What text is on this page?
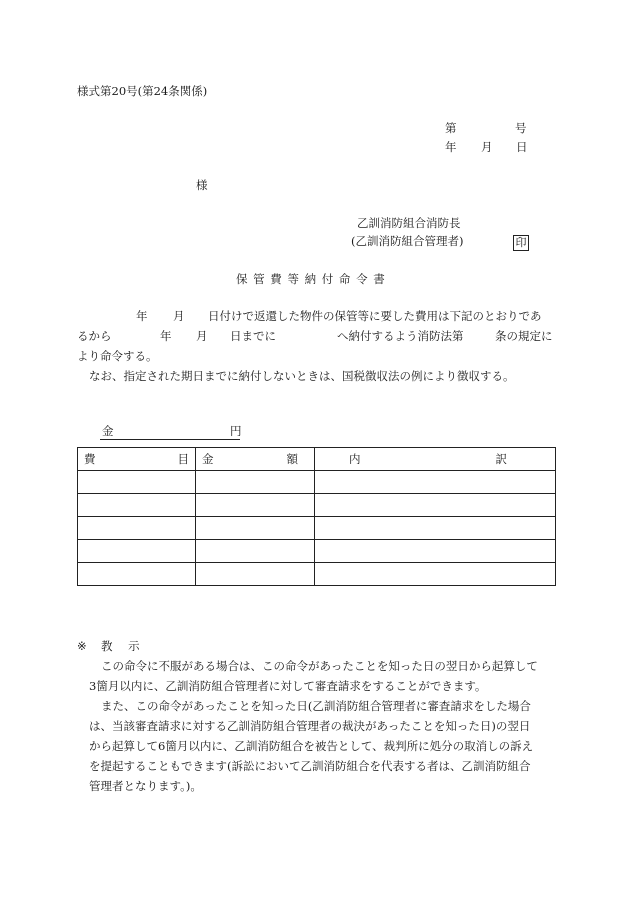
様式第20号(第24条関係)
第	号
年 月 日
様
乙訓消防組合消防長
(乙訓消防組合管理者)	印
保 管 費 等 納 付 命 令 書
年 月 日付けで返還した物件の保管等に要した費用は下記のとおりであ
るから	年 月 日までに	へ納付するよう消防法第	条の規定に
より命令する。
なお、指定された期日までに納付しないときは、国税徴収法の例により徴収する。
金	円
費 目	金 額	内 訳

※ 教 示
この命令に不服がある場合は、この命令があったことを知った日の翌日から起算して
3箇月以内に、乙訓消防組合管理者に対して審査請求をすることができます。
また、この命令があったことを知った日(乙訓消防組合管理者に審査請求をした場合
は、当該審査請求に対する乙訓消防組合管理者の裁決があったことを知った日)の翌日
から起算して6箇月以内に、乙訓消防組合を被告として、裁判所に処分の取消しの訴え
を提起することもできます(訴訟において乙訓消防組合を代表する者は、乙訓消防組合
管理者となります。)。
